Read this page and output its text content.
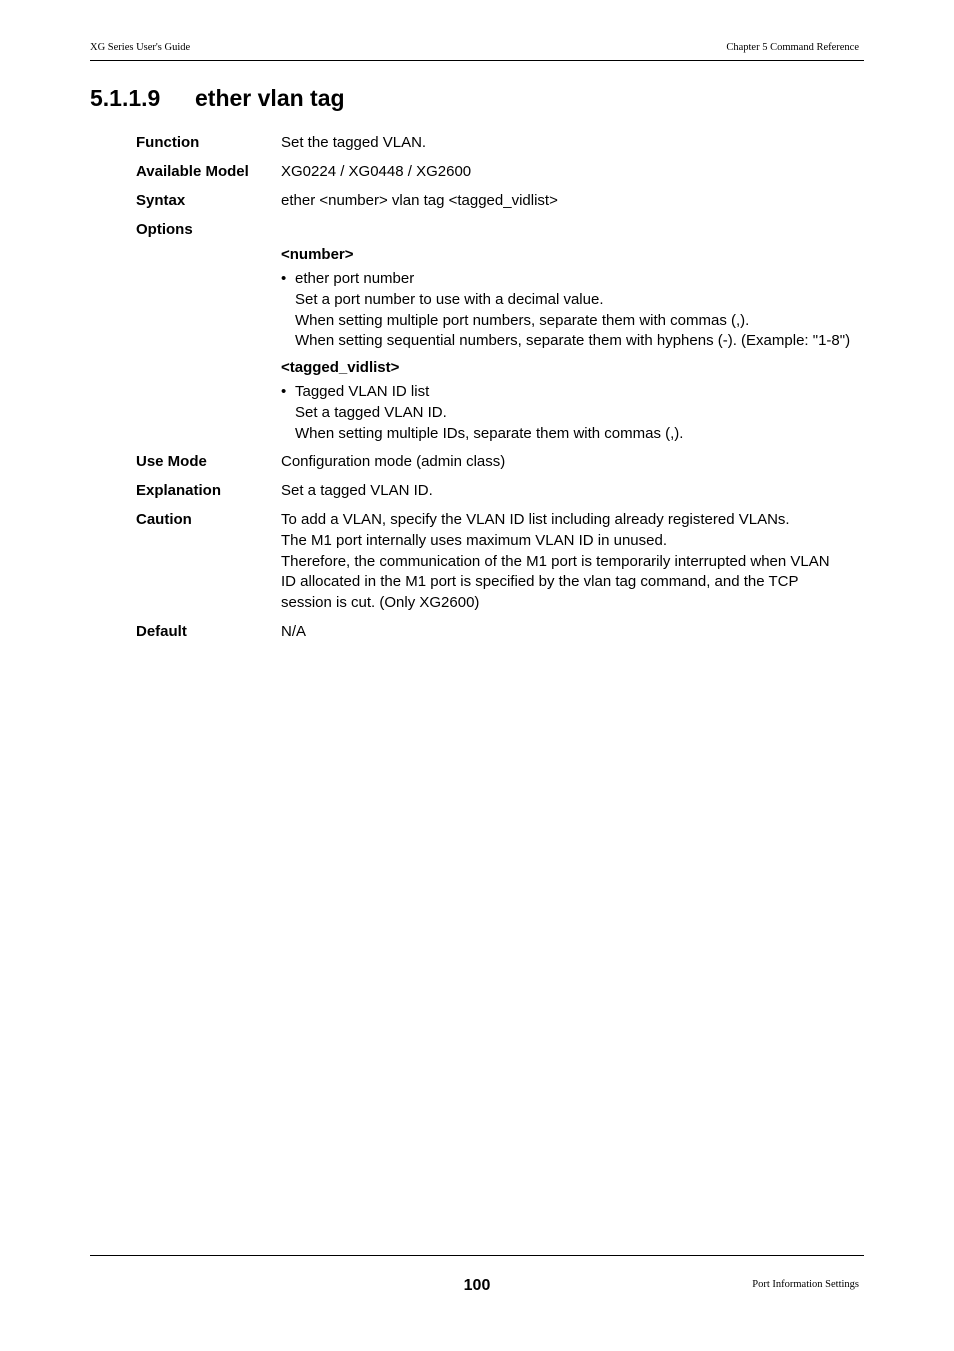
XG Series User's Guide	Chapter 5 Command Reference
5.1.1.9 ether vlan tag
Function	Set the tagged VLAN.
Available Model XG0224 / XG0448 / XG2600
Syntax	ether <number> vlan tag <tagged_vidlist>
Options
<number>
• ether port number
Set a port number to use with a decimal value.
When setting multiple port numbers, separate them with commas (,).
When setting sequential numbers, separate them with hyphens (-). (Example: "1-8")
<tagged_vidlist>
• Tagged VLAN ID list
Set a tagged VLAN ID.
When setting multiple IDs, separate them with commas (,).
Use Mode	Configuration mode (admin class)
Explanation	Set a tagged VLAN ID.
Caution	To add a VLAN, specify the VLAN ID list including already registered VLANs.
The M1 port internally uses maximum VLAN ID in unused.
Therefore, the communication of the M1 port is temporarily interrupted when VLAN ID allocated in the M1 port is specified by the vlan tag command, and the TCP session is cut. (Only XG2600)
Default	N/A
100	Port Information Settings
